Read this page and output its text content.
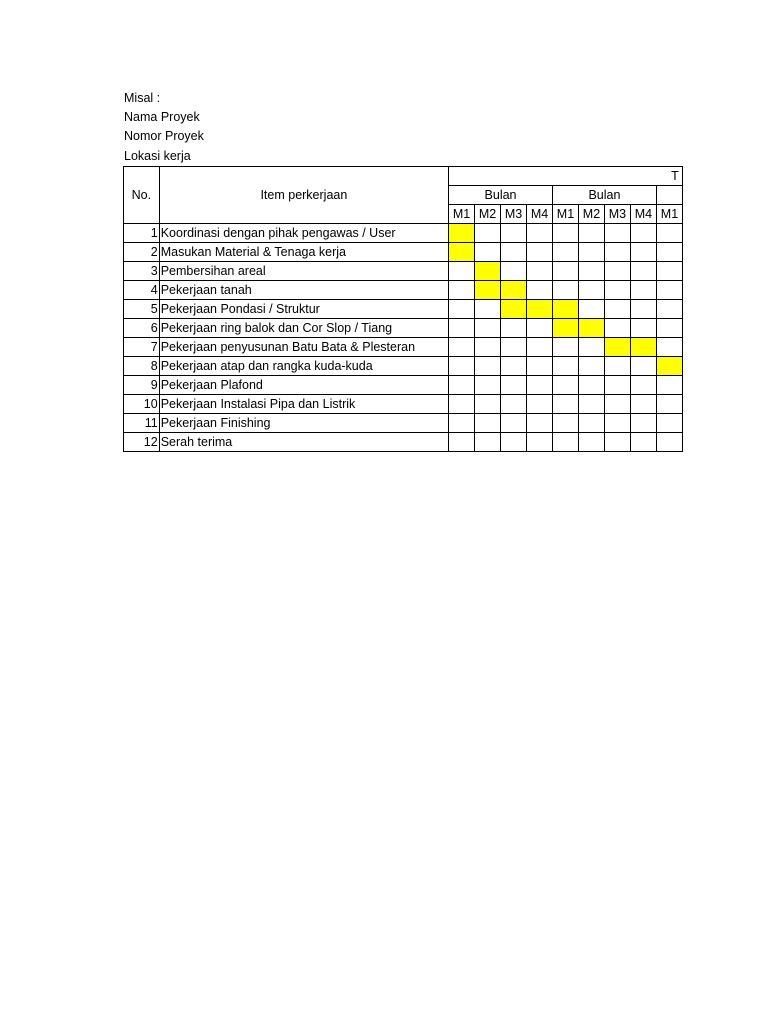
Misal :
Nama Proyek
Nomor Proyek
Lokasi kerja
No.	Item perkerjaan	T								
		Bulan				Bulan				
		M1	M2	M3	M4	M1	M2	M3	M4	M1
1	Koordinasi dengan pihak pengawas / User									
2	Masukan Material & Tenaga kerja									
3	Pembersihan areal									
4	Pekerjaan tanah									
5	Pekerjaan Pondasi / Struktur									
6	Pekerjaan ring balok dan Cor Slop / Tiang									
7	Pekerjaan penyusunan Batu Bata & Plesteran									
8	Pekerjaan atap dan rangka kuda-kuda									
9	Pekerjaan Plafond									
10	Pekerjaan Instalasi Pipa dan Listrik									
11	Pekerjaan Finishing									
12	Serah terima									
